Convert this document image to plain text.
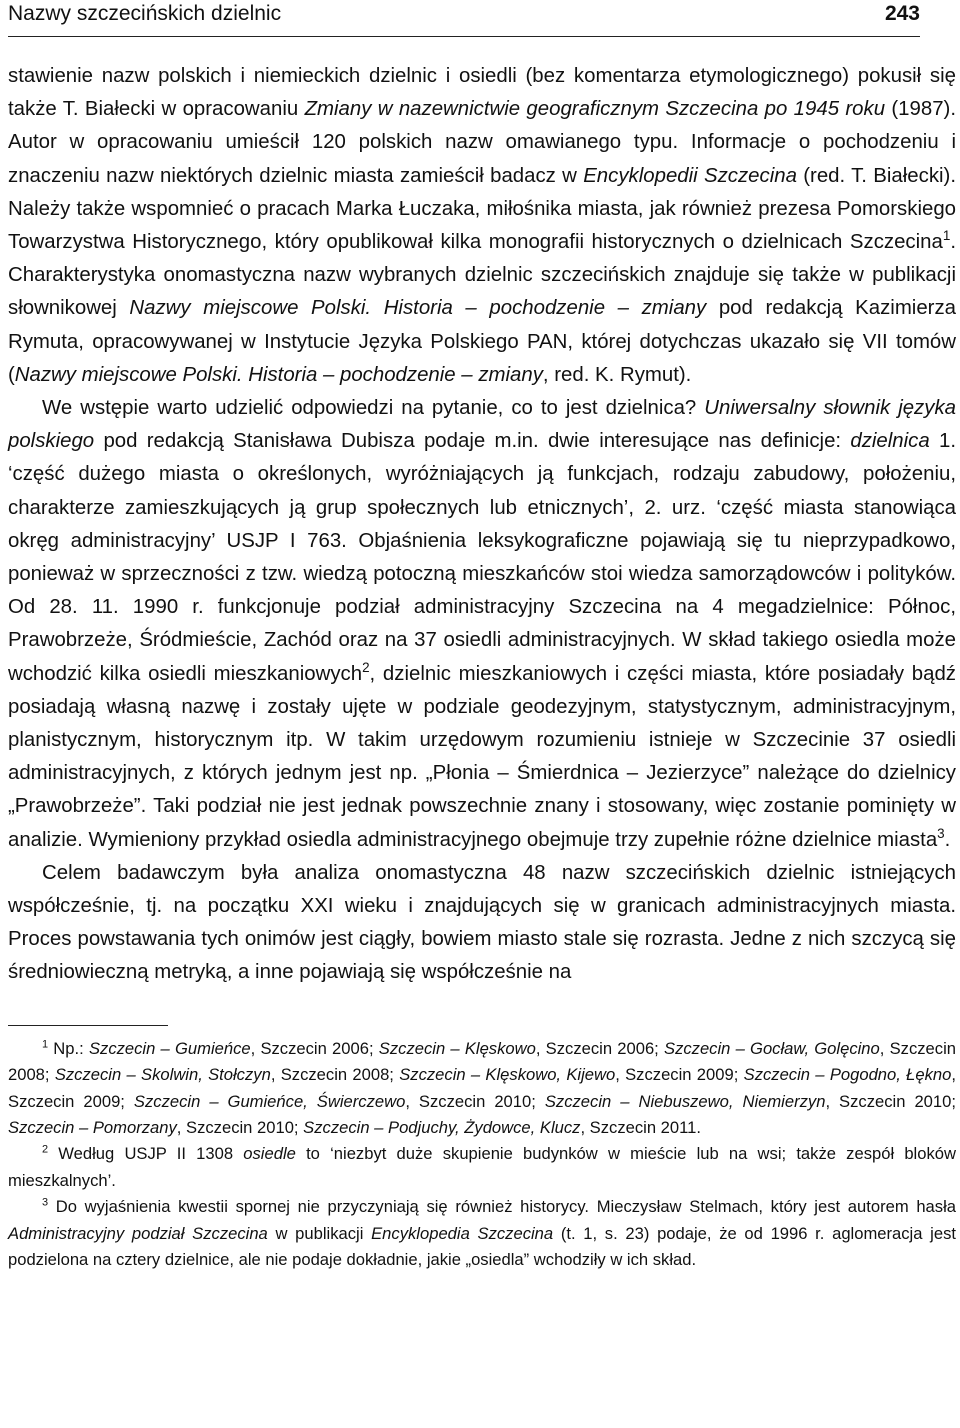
Nazwy szczecińskich dzielnic	243

stawienie nazw polskich i niemieckich dzielnic i osiedli (bez komentarza etymologicznego) pokusił się także T. Białecki w opracowaniu Zmiany w nazewnictwie geograficznym Szczecina po 1945 roku (1987). Autor w opracowaniu umieścił 120 polskich nazw omawianego typu. Informacje o pochodzeniu i znaczeniu nazw niektórych dzielnic miasta zamieścił badacz w Encyklopedii Szczecina (red. T. Białecki). Należy także wspomnieć o pracach Marka Łuczaka, miłośnika miasta, jak również prezesa Pomorskiego Towarzystwa Historycznego, który opublikował kilka monografii historycznych o dzielnicach Szczecina$^1$. Charakterystyka onomastyczna nazw wybranych dzielnic szczecińskich znajduje się także w publikacji słownikowej Nazwy miejscowe Polski. Historia – pochodzenie – zmiany pod redakcją Kazimierza Rymuta, opracowywanej w Instytucie Języka Polskiego PAN, której dotychczas ukazało się VII tomów (Nazwy miejscowe Polski. Historia – pochodzenie – zmiany, red. K. Rymut).

We wstępie warto udzielić odpowiedzi na pytanie, co to jest dzielnica? Uniwersalny słownik języka polskiego pod redakcją Stanisława Dubisza podaje m.in. dwie interesujące nas definicje: dzielnica 1. ‘część dużego miasta o określonych, wyróżniających ją funkcjach, rodzaju zabudowy, położeniu, charakterze zamieszkujących ją grup społecznych lub etnicznych’, 2. urz. ‘część miasta stanowiąca okręg administracyjny’ USJP I 763. Objaśnienia leksykograficzne pojawiają się tu nieprzypadkowo, ponieważ w sprzeczności z tzw. wiedzą potoczną mieszkańców stoi wiedza samorządowców i polityków. Od 28. 11. 1990 r. funkcjonuje podział administracyjny Szczecina na 4 megadzielnice: Północ, Prawobrzeże, Śródmieście, Zachód oraz na 37 osiedli administracyjnych. W skład takiego osiedla może wchodzić kilka osiedli mieszkaniowych$^2$, dzielnic mieszkaniowych i części miasta, które posiadały bądź posiadają własną nazwę i zostały ujęte w podziale geodezyjnym, statystycznym, administracyjnym, planistycznym, historycznym itp. W takim urzędowym rozumieniu istnieje w Szczecinie 37 osiedli administracyjnych, z których jednym jest np. „Płonia – Śmierdnica – Jezierzyce” należące do dzielnicy „Prawobrzeże”. Taki podział nie jest jednak powszechnie znany i stosowany, więc zostanie pominięty w analizie. Wymieniony przykład osiedla administracyjnego obejmuje trzy zupełnie różne dzielnice miasta$^3$.

Celem badawczym była analiza onomastyczna 48 nazw szczecińskich dzielnic istniejących współcześnie, tj. na początku XXI wieku i znajdujących się w granicach administracyjnych miasta. Proces powstawania tych onimów jest ciągły, bowiem miasto stale się rozrasta. Jedne z nich szczycą się średniowieczną metryką, a inne pojawiają się współcześnie na

$^1$ Np.: Szczecin – Gumieńce, Szczecin 2006; Szczecin – Klęskowo, Szczecin 2006; Szczecin – Gocław, Golęcino, Szczecin 2008; Szczecin – Skolwin, Stołczyn, Szczecin 2008; Szczecin – Klęskowo, Kijewo, Szczecin 2009; Szczecin – Pogodno, Łękno, Szczecin 2009; Szczecin – Gumieńce, Świerczewo, Szczecin 2010; Szczecin – Niebuszewo, Niemierzyn, Szczecin 2010; Szczecin – Pomorzany, Szczecin 2010; Szczecin – Podjuchy, Żydowce, Klucz, Szczecin 2011.

$^2$ Według USJP II 1308 osiedle to ‘niezbyt duże skupienie budynków w mieście lub na wsi; także zespół bloków mieszkalnych’.

$^3$ Do wyjaśnienia kwestii spornej nie przyczyniają się również historycy. Mieczysław Stelmach, który jest autorem hasła Administracyjny podział Szczecina w publikacji Encyklopedia Szczecina (t. 1, s. 23) podaje, że od 1996 r. aglomeracja jest podzielona na cztery dzielnice, ale nie podaje dokładnie, jakie „osiedla” wchodziły w ich skład.
